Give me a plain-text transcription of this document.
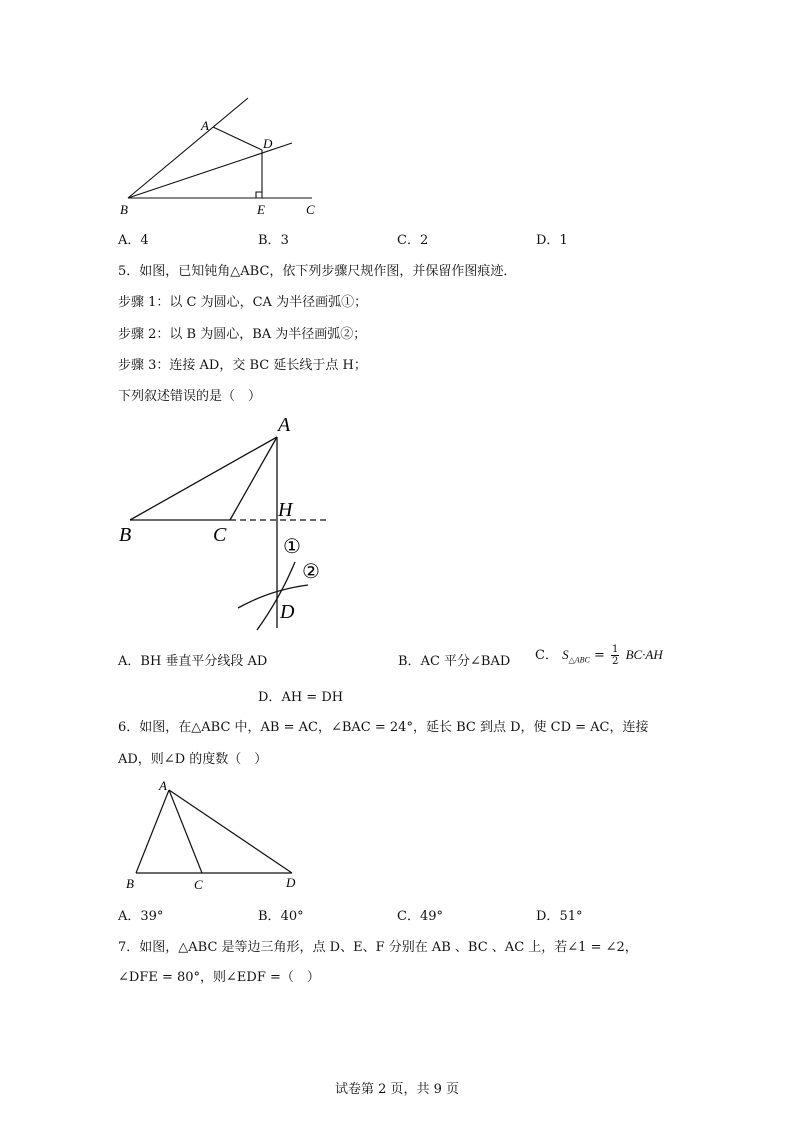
A
D
B	E	C
A．4	B．3	C．2	D．1
5．如图，已知钝角△ABC，依下列步骤尺规作图，并保留作图痕迹．
步骤 1：以 C 为圆心，CA 为半径画弧①；
步骤 2：以 B 为圆心，BA 为半径画弧②；
步骤 3：连接 AD，交 BC 延长线于点 H；
下列叙述错误的是（　）
A
B	C
H
D
①
②
A．BH 垂直平分线段 AD	B．AC 平分∠BAD C． $S_{\triangle ABC} = \frac{1}{2} BC\cdot AH$
D．AH = DH
6．如图，在△ABC 中，AB = AC，∠BAC = 24°，延长 BC 到点 D，使 CD = AC，连接
AD，则∠D 的度数（　）
A
B	C	D
A．39°	B．40°	C．49°	D．51°
7．如图，△ABC 是等边三角形，点 D、E、F 分别在 AB 、BC 、AC 上，若∠1 = ∠2，
∠DFE = 80°，则∠EDF =（　）
试卷第 2 页，共 9 页
